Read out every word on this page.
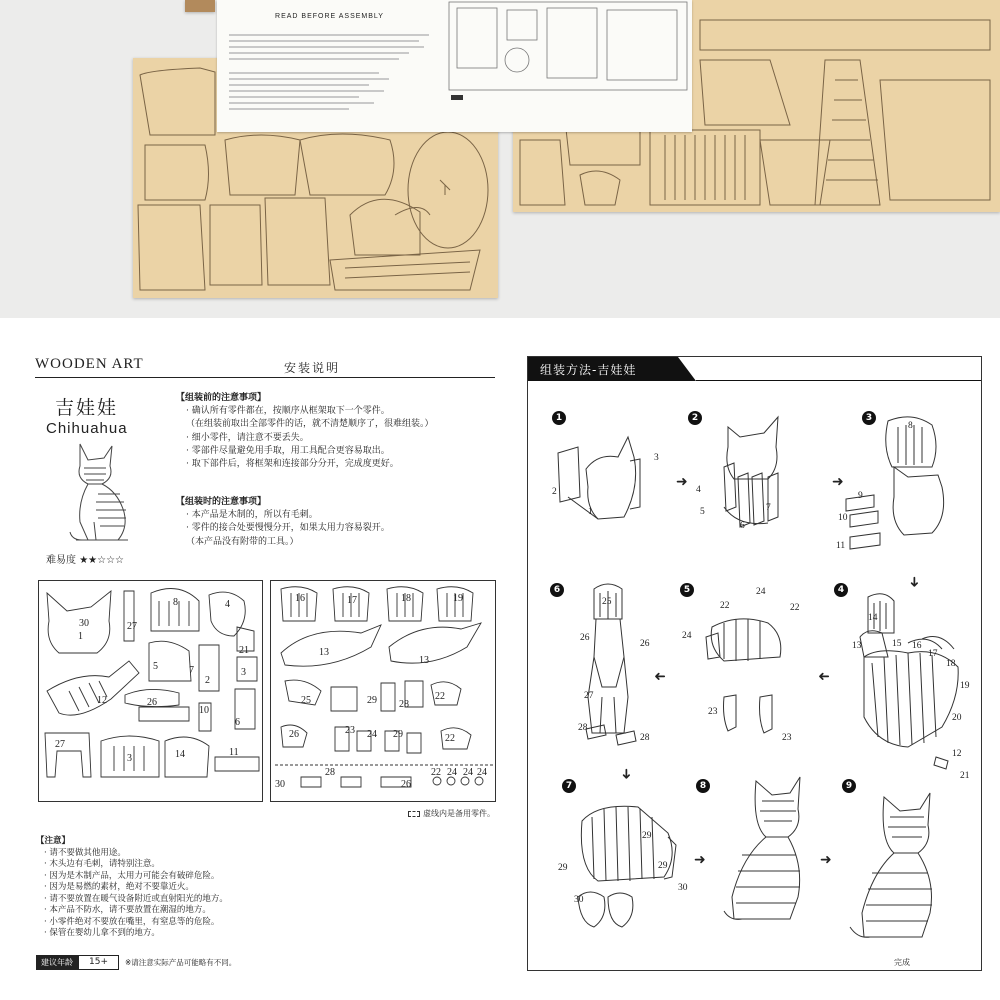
READ BEFORE ASSEMBLY
WOODEN ART	安装说明
吉娃娃
Chihuahua
难易度 ★★☆☆☆
【组装前的注意事项】
· 确认所有零件都在，按顺序从框架取下一个零件。
（在组装前取出全部零件的话，就不清楚顺序了，很难组装。）
· 细小零件，请注意不要丢失。
· 零部件尽量避免用手取，用工具配合更容易取出。
· 取下部件后，将框架和连接部分分开，完成度更好。
【组装时的注意事项】
· 本产品是木制的，所以有毛刺。
· 零件的接合处要慢慢分开，如果太用力容易裂开。
（本产品没有附带的工具。）
30
1
8
27
4
5	7
2
21
3
12	26
10
6
27
3	14	11
16	17	18	19
13
13
25	29 28
22
22
26	23 24 29
30
28
26
22 24 24 24
虚线内是备用零件。
【注意】
· 请不要做其他用途。
· 木头边有毛刺，请特别注意。
· 因为是木制产品，太用力可能会有破碎危险。
· 因为是易燃的素材，绝对不要靠近火。
· 请不要放置在暖气设备附近或直射阳光的地方。
· 本产品不防水，请不要放置在潮湿的地方。
· 小零件绝对不要放在嘴里，有窒息等的危险。
· 保管在婴幼儿拿不到的地方。
建议年龄	15+	※请注意实际产品可能略有不同。
组装方法-吉娃娃
1	2	3
4
5
6
7	8	9
➜	➜
➜
➜
➜
➜
➜	➜
2
1
3
4
5
6
7
8
9
10
11
14
13	15 16
17
18
19
20
12
21
22	22
24
24
23
23
25
26
26
27
28
28
29
29	29
30
30
完成
